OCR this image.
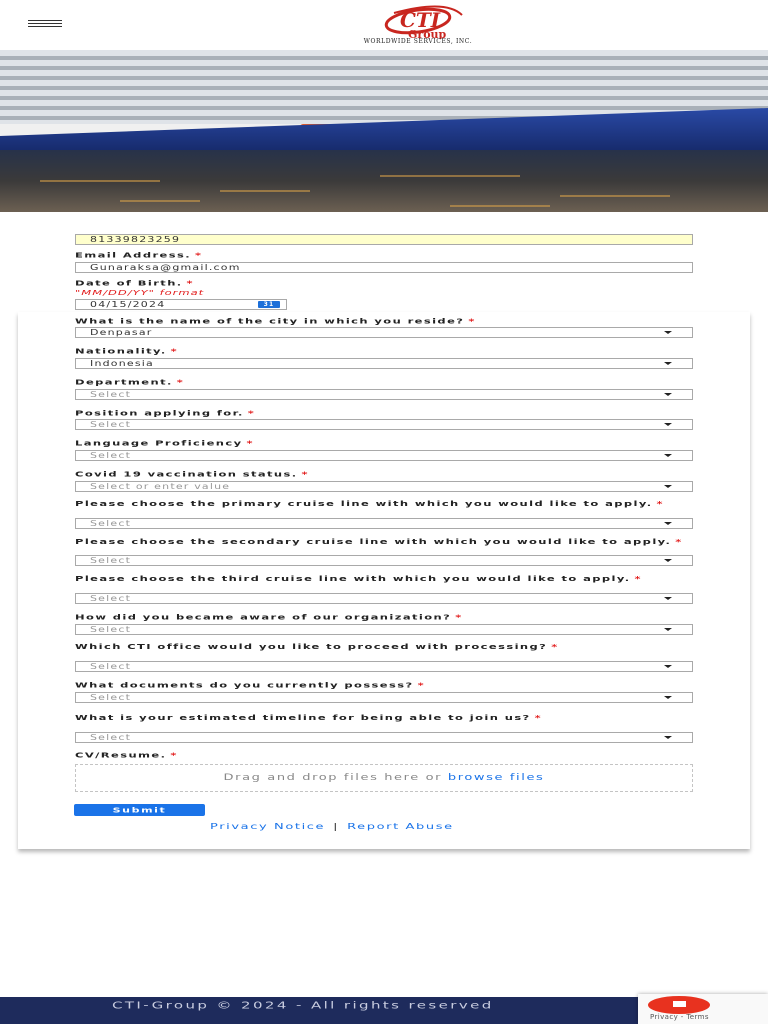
CTI
Group
WORLDWIDE SERVICES, INC.
81339823259
Email Address. *
Gunaraksa@gmail.com
Date of Birth. *
"MM/DD/YY" format
04/15/2024	31
What is the name of the city in which you reside? *
Denpasar
Nationality. *
Indonesia
Department. *
Select
Position applying for. *
Select
Language Proficiency *
Select
Covid 19 vaccination status. *
Select or enter value
Please choose the primary cruise line with which you would like to apply. *
Select
Please choose the secondary cruise line with which you would like to apply. *
Select
Please choose the third cruise line with which you would like to apply. *
Select
How did you became aware of our organization? *
Select
Which CTI office would you like to proceed with processing? *
Select
What documents do you currently possess? *
Select
What is your estimated timeline for being able to join us? *
Select
CV/Resume. *
Drag and drop files here or browse files
Submit
Privacy Notice | Report Abuse
CTI-Group © 2024 - All rights reserved
Privacy - Terms
